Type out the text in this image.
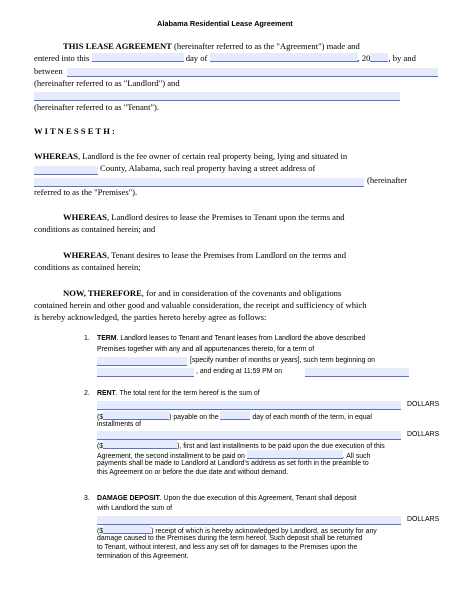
Alabama Residential Lease Agreement
THIS LEASE AGREEMENT (hereinafter referred to as the "Agreement") made and
entered into this	day of	, 20 , by and
between
(hereinafter referred to as "Landlord") and
(hereinafter referred to as "Tenant").
W I T N E S S E T H :
WHEREAS, Landlord is the fee owner of certain real property being, lying and situated in
County, Alabama, such real property having a street address of
(hereinafter
referred to as the "Premises").
WHEREAS, Landlord desires to lease the Premises to Tenant upon the terms and
conditions as contained herein; and
WHEREAS, Tenant desires to lease the Premises from Landlord on the terms and
conditions as contained herein;
NOW, THEREFORE, for and in consideration of the covenants and obligations
contained herein and other good and valuable consideration, the receipt and sufficiency of which
is hereby acknowledged, the parties hereto hereby agree as follows:
1. TERM. Landlord leases to Tenant and Tenant leases from Landlord the above described
Premises together with any and all appurtenances thereto, for a term of
[specify number of months or years], such term beginning on
, and ending at 11:59 PM on
2. RENT. The total rent for the term hereof is the sum of
DOLLARS
($	) payable on the	day of each month of the term, in equal
installments of
DOLLARS
($	), first and last installments to be paid upon the due execution of this
Agreement, the second installment to be paid on	. All such
payments shall be made to Landlord at Landlord's address as set forth in the preamble to
this Agreement on or before the due date and without demand.
3. DAMAGE DEPOSIT. Upon the due execution of this Agreement, Tenant shall deposit
with Landlord the sum of
DOLLARS
($	) receipt of which is hereby acknowledged by Landlord, as security for any
damage caused to the Premises during the term hereof. Such deposit shall be returned
to Tenant, without interest, and less any set off for damages to the Premises upon the
termination of this Agreement.
